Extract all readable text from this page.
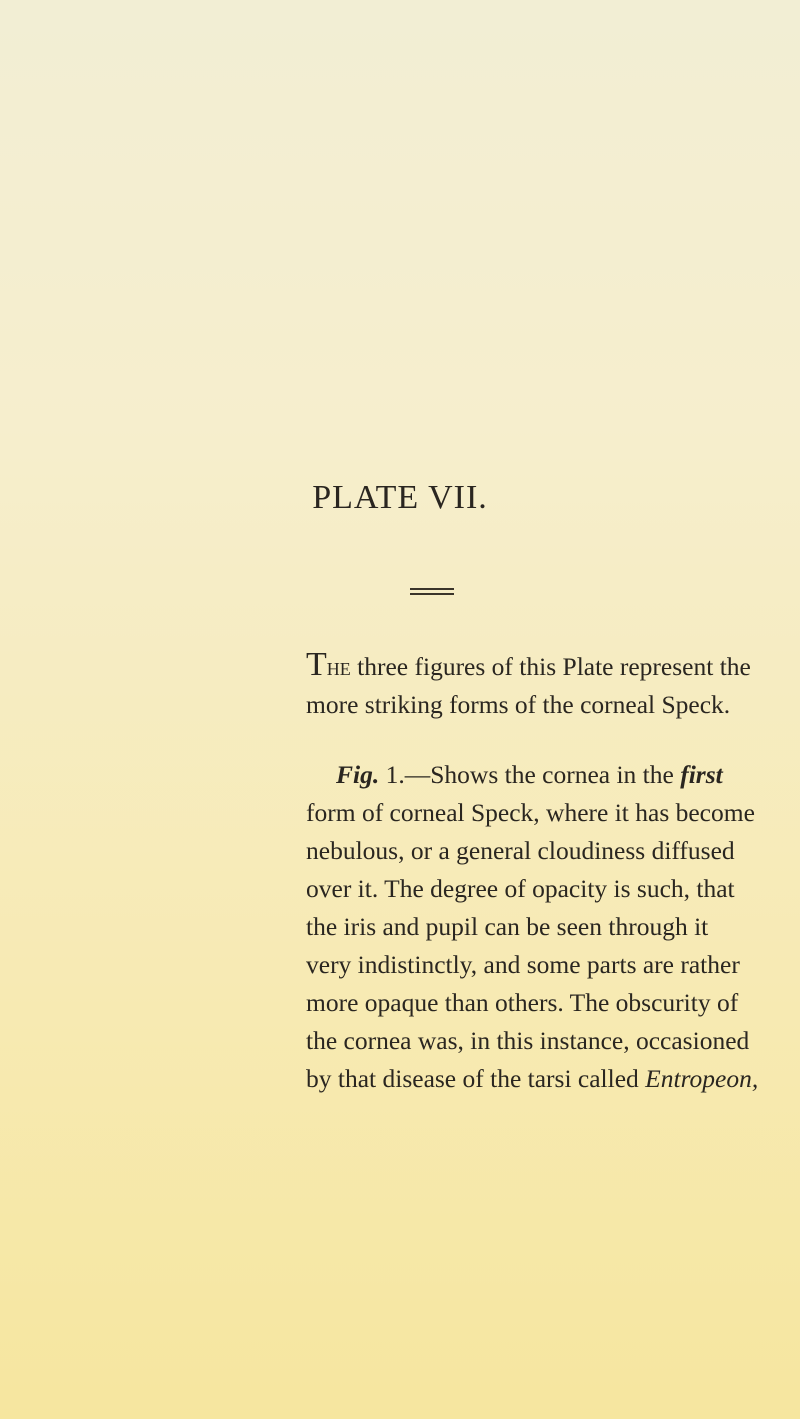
PLATE VII.
The three figures of this Plate represent the
more striking forms of the corneal Speck.
Fig. 1.—Shows the cornea in the first
form of corneal Speck, where it has become
nebulous, or a general cloudiness diffused
over it. The degree of opacity is such, that
the iris and pupil can be seen through it
very indistinctly, and some parts are rather
more opaque than others. The obscurity of
the cornea was, in this instance, occasioned
by that disease of the tarsi called Entropeon,
